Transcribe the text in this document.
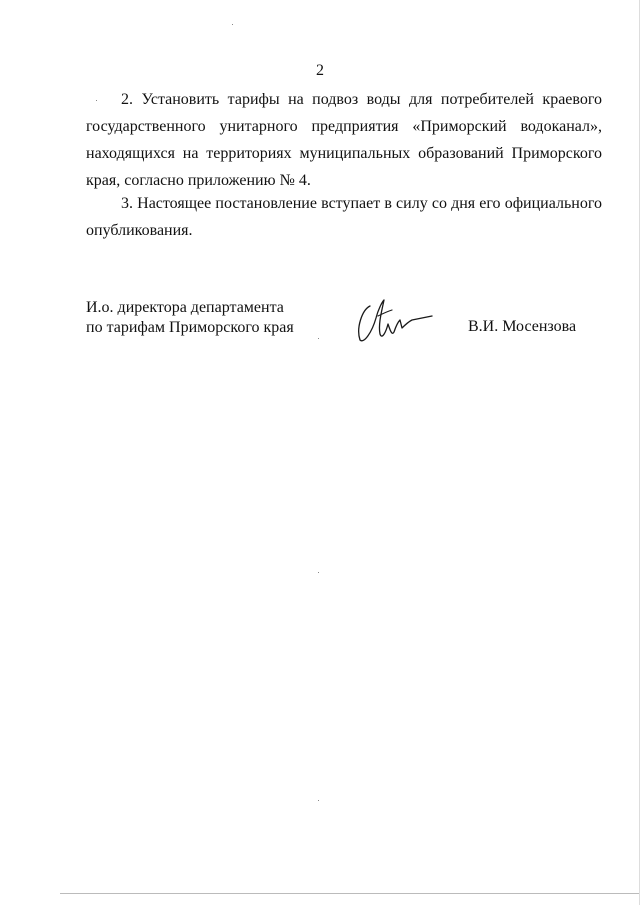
2

2. Установить тарифы на подвоз воды для потребителей краевого государственного унитарного предприятия «Приморский водоканал», находящихся на территориях муниципальных образований Приморского края, согласно приложению № 4.

3. Настоящее постановление вступает в силу со дня его официального опубликования.

И.о. директора департамента
по тарифам Приморского края	В.И. Мосензова
